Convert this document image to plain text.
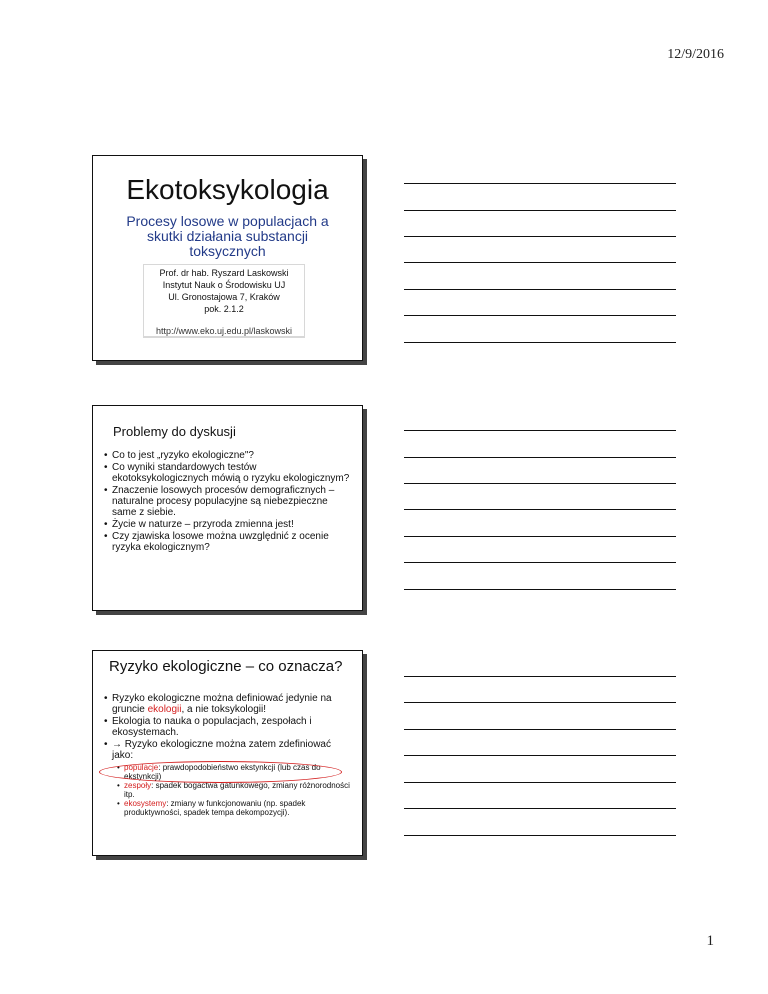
12/9/2016
Ekotoksykologia
Procesy losowe w populacjach a skutki działania substancji toksycznych
Prof. dr hab. Ryszard Laskowski
Instytut Nauk o Środowisku UJ
Ul. Gronostajowa 7, Kraków
pok. 2.1.2
http://www.eko.uj.edu.pl/laskowski
Problemy do dyskusji
• Co to jest „ryzyko ekologiczne"?
• Co wyniki standardowych testów ekotoksykologicznych mówią o ryzyku ekologicznym?
• Znaczenie losowych procesów demograficznych – naturalne procesy populacyjne są niebezpieczne same z siebie.
• Życie w naturze – przyroda zmienna jest!
• Czy zjawiska losowe można uwzględnić z ocenie ryzyka ekologicznym?
Ryzyko ekologiczne – co oznacza?
• Ryzyko ekologiczne można definiować jedynie na gruncie ekologii, a nie toksykologii!
• Ekologia to nauka o populacjach, zespołach i ekosystemach.
• → Ryzyko ekologiczne można zatem zdefiniować jako:
• populacje: prawdopodobieństwo ekstynkcji (lub czas do ekstynkcji)
• zespoły: spadek bogactwa gatunkowego, zmiany różnorodności itp.
• ekosystemy: zmiany w funkcjonowaniu (np. spadek produktywności, spadek tempa dekompozycji).
1
